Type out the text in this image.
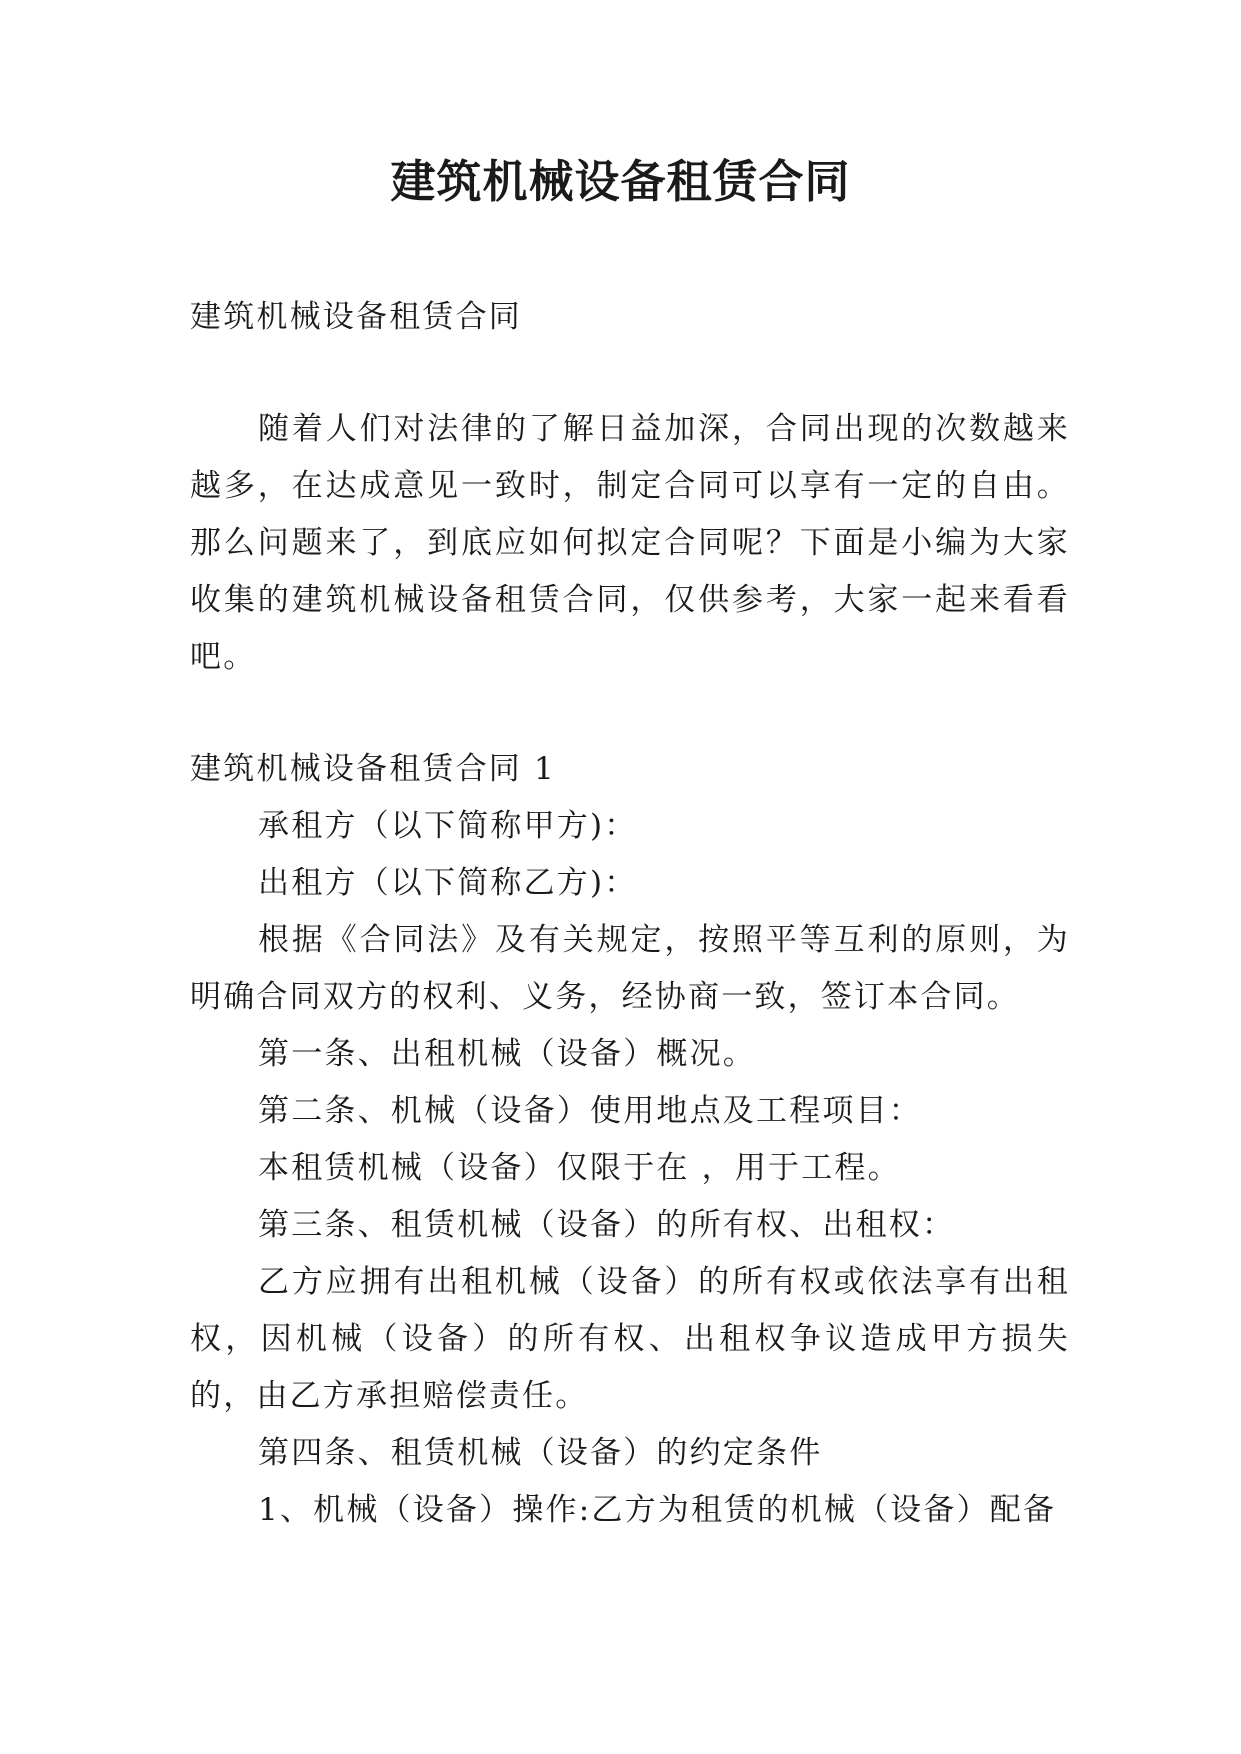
建筑机械设备租赁合同

建筑机械设备租赁合同

随着人们对法律的了解日益加深，合同出现的次数越来越多，在达成意见一致时，制定合同可以享有一定的自由。那么问题来了，到底应如何拟定合同呢？下面是小编为大家收集的建筑机械设备租赁合同，仅供参考，大家一起来看看吧。

建筑机械设备租赁合同 1

承租方（以下简称甲方)：

出租方（以下简称乙方)：

根据《合同法》及有关规定，按照平等互利的原则，为明确合同双方的权利、义务，经协商一致，签订本合同。

第一条、出租机械（设备）概况。

第二条、机械（设备）使用地点及工程项目：

本租赁机械（设备）仅限于在 ，用于工程。

第三条、租赁机械（设备）的所有权、出租权：

乙方应拥有出租机械（设备）的所有权或依法享有出租权，因机械（设备）的所有权、出租权争议造成甲方损失的，由乙方承担赔偿责任。

第四条、租赁机械（设备）的约定条件

1、机械（设备）操作:乙方为租赁的机械（设备）配备
